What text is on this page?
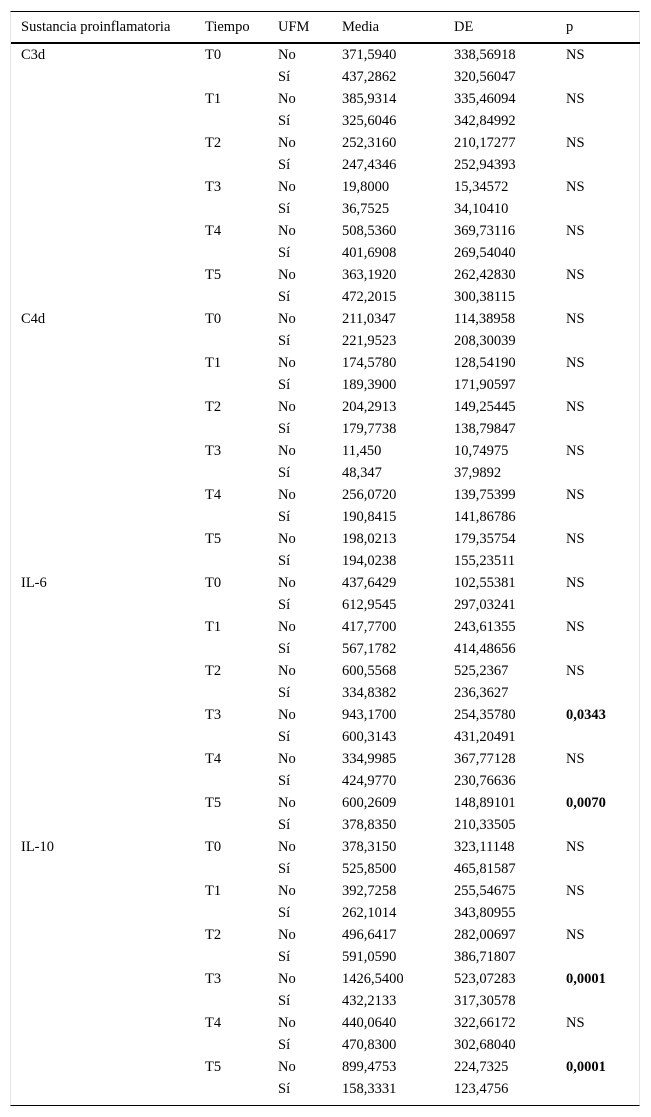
Sustancia proinflamatoria	Tiempo	UFM	Media	DE	p
C3d	T0	No	371,5940	338,56918	NS
		Sí	437,2862	320,56047	
	T1	No	385,9314	335,46094	NS
		Sí	325,6046	342,84992	
	T2	No	252,3160	210,17277	NS
		Sí	247,4346	252,94393	
	T3	No	19,8000	15,34572	NS
		Sí	36,7525	34,10410	
	T4	No	508,5360	369,73116	NS
		Sí	401,6908	269,54040	
	T5	No	363,1920	262,42830	NS
		Sí	472,2015	300,38115	
C4d	T0	No	211,0347	114,38958	NS
		Sí	221,9523	208,30039	
	T1	No	174,5780	128,54190	NS
		Sí	189,3900	171,90597	
	T2	No	204,2913	149,25445	NS
		Sí	179,7738	138,79847	
	T3	No	11,450	10,74975	NS
		Sí	48,347	37,9892	
	T4	No	256,0720	139,75399	NS
		Sí	190,8415	141,86786	
	T5	No	198,0213	179,35754	NS
		Sí	194,0238	155,23511	
IL-6	T0	No	437,6429	102,55381	NS
		Sí	612,9545	297,03241	
	T1	No	417,7700	243,61355	NS
		Sí	567,1782	414,48656	
	T2	No	600,5568	525,2367	NS
		Sí	334,8382	236,3627	
	T3	No	943,1700	254,35780	0,0343
		Sí	600,3143	431,20491	
	T4	No	334,9985	367,77128	NS
		Sí	424,9770	230,76636	
	T5	No	600,2609	148,89101	0,0070
		Sí	378,8350	210,33505	
IL-10	T0	No	378,3150	323,11148	NS
		Sí	525,8500	465,81587	
	T1	No	392,7258	255,54675	NS
		Sí	262,1014	343,80955	
	T2	No	496,6417	282,00697	NS
		Sí	591,0590	386,71807	
	T3	No	1426,5400	523,07283	0,0001
		Sí	432,2133	317,30578	
	T4	No	440,0640	322,66172	NS
		Sí	470,8300	302,68040	
	T5	No	899,4753	224,7325	0,0001
		Sí	158,3331	123,4756	
